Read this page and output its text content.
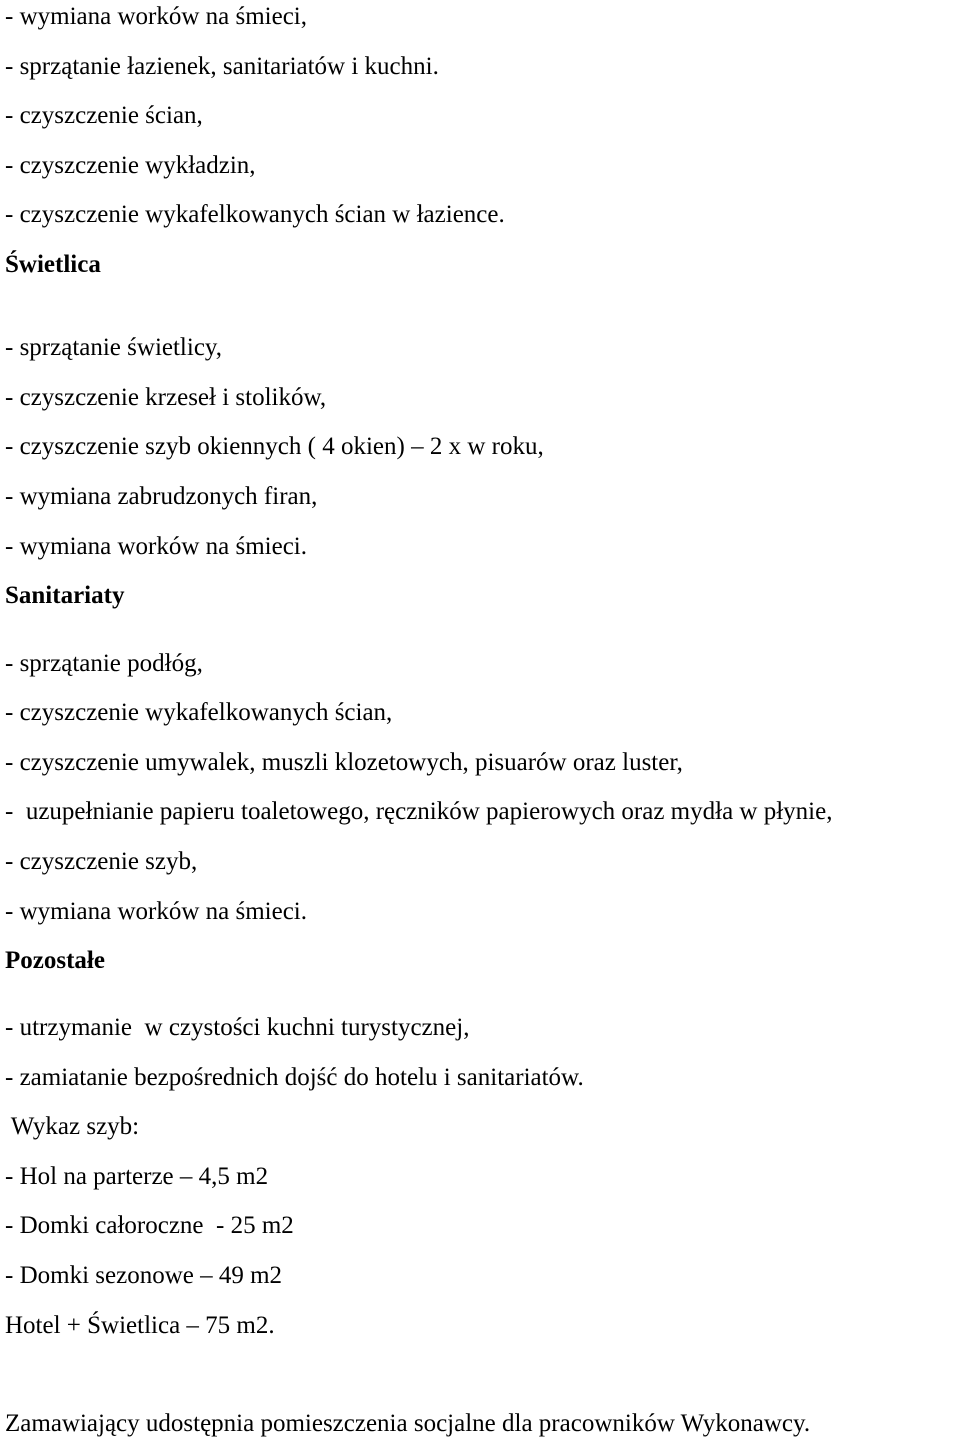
- wymiana worków na śmieci,
- sprzątanie łazienek, sanitariatów i kuchni.
- czyszczenie ścian,
- czyszczenie wykładzin,
- czyszczenie wykafelkowanych ścian w łazience.
Świetlica
- sprzątanie świetlicy,
- czyszczenie krzeseł i stolików,
- czyszczenie szyb okiennych ( 4 okien) – 2 x w roku,
- wymiana zabrudzonych firan,
- wymiana worków na śmieci.
Sanitariaty
- sprzątanie podłóg,
- czyszczenie wykafelkowanych ścian,
- czyszczenie umywalek, muszli klozetowych, pisuarów oraz luster,
-  uzupełnianie papieru toaletowego, ręczników papierowych oraz mydła w płynie,
- czyszczenie szyb,
- wymiana worków na śmieci.
Pozostałe
- utrzymanie  w czystości kuchni turystycznej,
- zamiatanie bezpośrednich dojść do hotelu i sanitariatów.
Wykaz szyb:
- Hol na parterze – 4,5 m2
- Domki całoroczne  - 25 m2
- Domki sezonowe – 49 m2
Hotel + Świetlica – 75 m2.
Zamawiający udostępnia pomieszczenia socjalne dla pracowników Wykonawcy.
